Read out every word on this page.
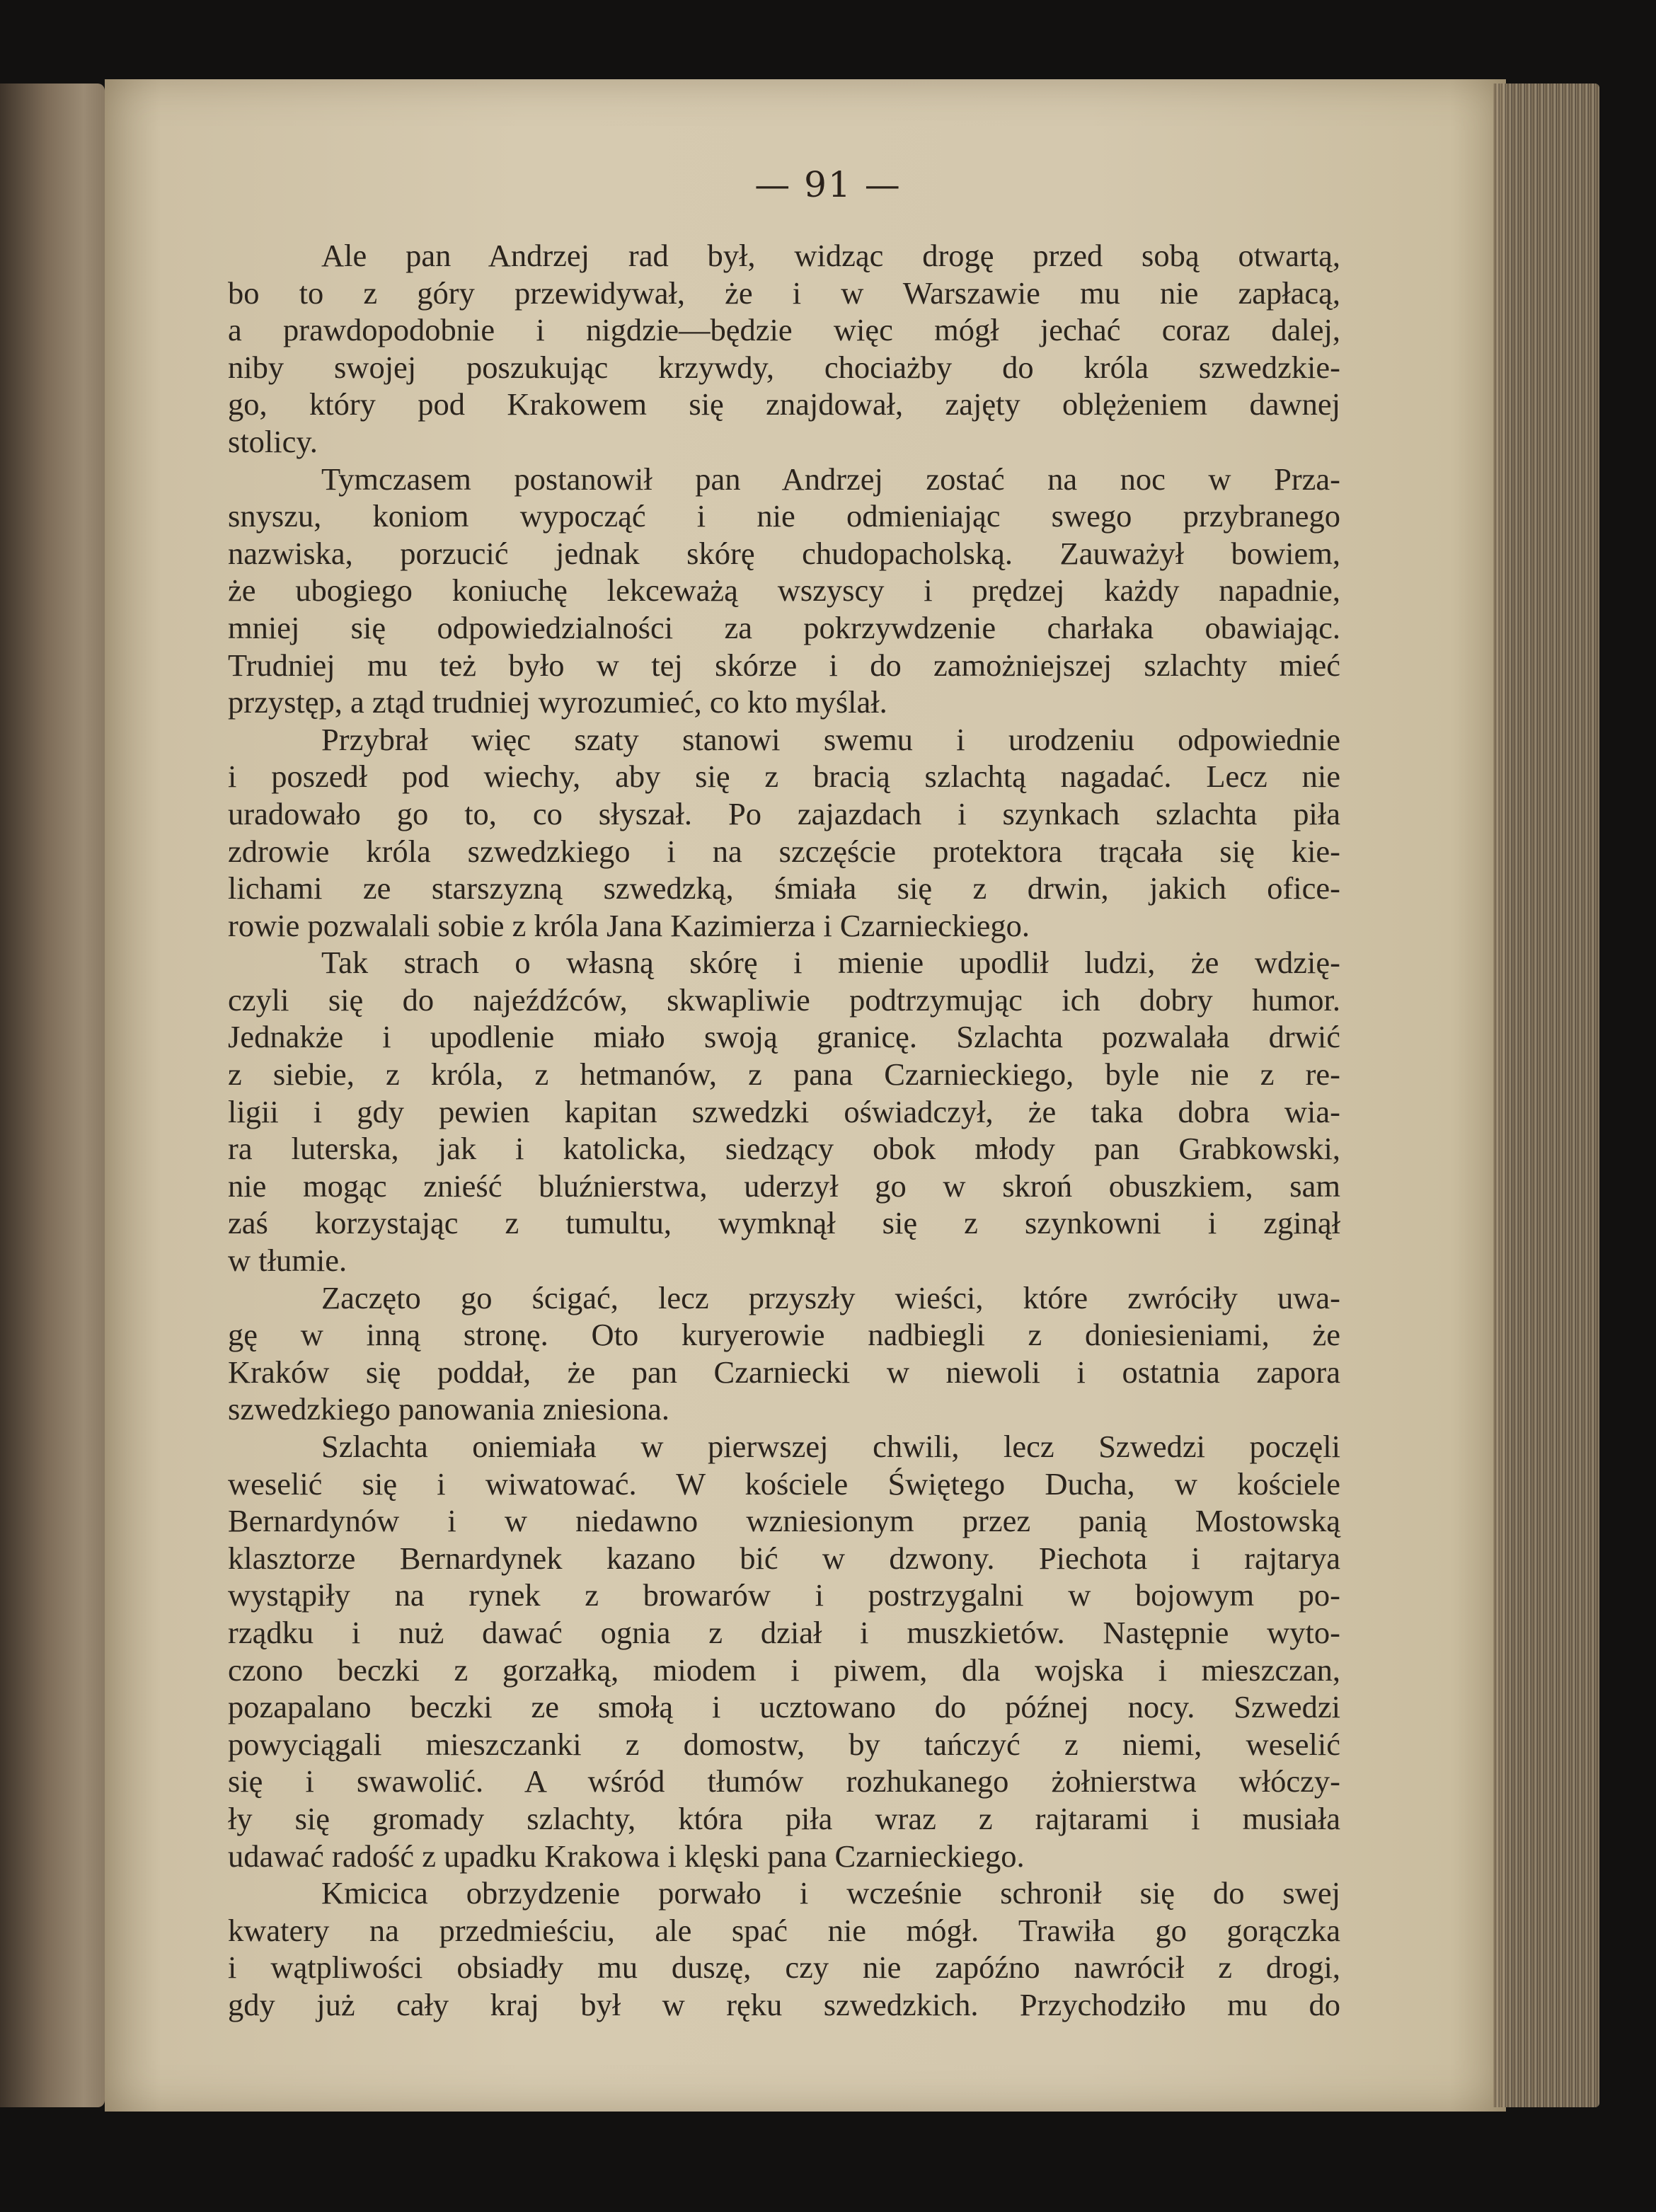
— 91 —
Ale pan Andrzej rad był, widząc drogę przed sobą otwartą,
bo to z góry przewidywał, że i w Warszawie mu nie zapłacą,
a prawdopodobnie i nigdzie—będzie więc mógł jechać coraz dalej,
niby swojej poszukując krzywdy, chociażby do króla szwedzkie-
go, który pod Krakowem się znajdował, zajęty oblężeniem dawnej
stolicy.
Tymczasem postanowił pan Andrzej zostać na noc w Prza-
snyszu, koniom wypocząć i nie odmieniając swego przybranego
nazwiska, porzucić jednak skórę chudopacholską. Zauważył bowiem,
że ubogiego koniuchę lekceważą wszyscy i prędzej każdy napadnie,
mniej się odpowiedzialności za pokrzywdzenie charłaka obawiając.
Trudniej mu też było w tej skórze i do zamożniejszej szlachty mieć
przystęp, a ztąd trudniej wyrozumieć, co kto myślał.
Przybrał więc szaty stanowi swemu i urodzeniu odpowiednie
i poszedł pod wiechy, aby się z bracią szlachtą nagadać. Lecz nie
uradowało go to, co słyszał. Po zajazdach i szynkach szlachta piła
zdrowie króla szwedzkiego i na szczęście protektora trącała się kie-
lichami ze starszyzną szwedzką, śmiała się z drwin, jakich oficе-
rowie pozwalali sobie z króla Jana Kazimierza i Czarnieckiego.
Tak strach o własną skórę i mienie upodlił ludzi, że wdzię-
czyli się do najeźdźców, skwapliwie podtrzymując ich dobry humor.
Jednakże i upodlenie miało swoją granicę. Szlachta pozwalała drwić
z siebie, z króla, z hetmanów, z pana Czarnieckiego, byle nie z re-
ligii i gdy pewien kapitan szwedzki oświadczył, że taka dobra wia-
ra luterska, jak i katolicka, siedzący obok młody pan Grabkowski,
nie mogąc znieść bluźnierstwa, uderzył go w skroń obuszkiem, sam
zaś korzystając z tumultu, wymknął się z szynkowni i zginął
w tłumie.
Zaczęto go ścigać, lecz przyszły wieści, które zwróciły uwa-
gę w inną stronę. Oto kuryerowie nadbiegli z doniesieniami, że
Kraków się poddał, że pan Czarniecki w niewoli i ostatnia zapora
szwedzkiego panowania zniesiona.
Szlachta oniemiała w pierwszej chwili, lecz Szwedzi poczęli
weselić się i wiwatować. W kościele Świętego Ducha, w kościele
Bernardynów i w niedawno wzniesionym przez panią Mostowską
klasztorze Bernardynek kazano bić w dzwony. Piechota i rajtarya
wystąpiły na rynek z browarów i postrzygalni w bojowym po-
rządku i nuż dawać ognia z dział i muszkietów. Następnie wyto-
czono beczki z gorzałką, miodem i piwem, dla wojska i mieszczan,
pozapalano beczki ze smołą i ucztowano do późnej nocy. Szwedzi
powyciągali mieszczanki z domostw, by tańczyć z niemi, weselić
się i swawolić. A wśród tłumów rozhukanego żołnierstwa włóczy-
ły się gromady szlachty, która piła wraz z rajtarami i musiała
udawać radość z upadku Krakowa i klęski pana Czarnieckiego.
Kmicica obrzydzenie porwało i wcześnie schronił się do swej
kwatery na przedmieściu, ale spać nie mógł. Trawiła go gorączka
i wątpliwości obsiadły mu duszę, czy nie zapóźno nawrócił z drogi,
gdy już cały kraj był w ręku szwedzkich. Przychodziło mu do
